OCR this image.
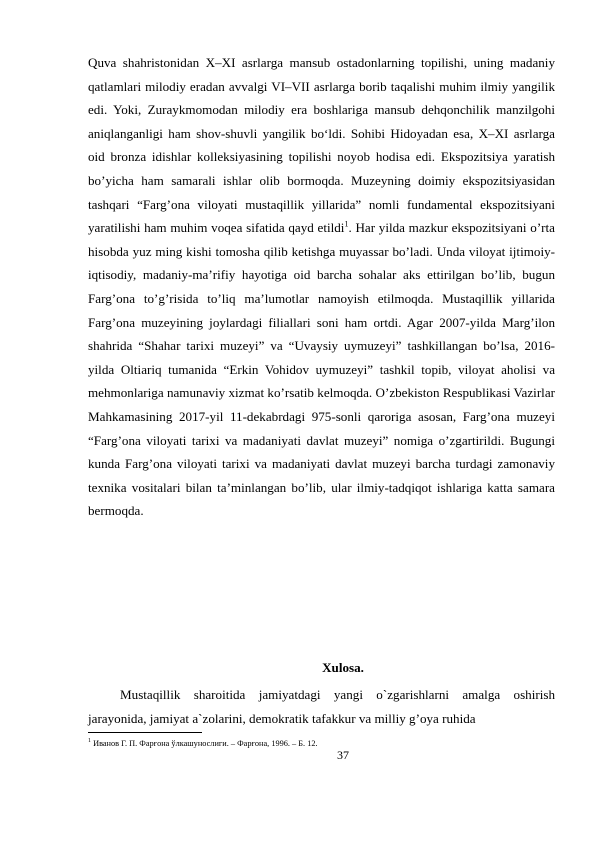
Quva shahristonidan X–XI asrlarga mansub ostadonlarning topilishi, uning madaniy qatlamlari milodiy eradan avvalgi VI–VII asrlarga borib taqalishi muhim ilmiy yangilik edi. Yoki, Zuraykmomodan milodiy era boshlariga mansub dehqonchilik manzilgohi aniqlanganligi ham shov-shuvli yangilik bo‘ldi. Sohibi Hidoyadan esa, X–XI asrlarga oid bronza idishlar kolleksiyasining topilishi noyob hodisa edi. Ekspozitsiya yaratish bo’yicha ham samarali ishlar olib bormoqda. Muzeyning doimiy ekspozitsiyasidan tashqari “Farg’ona viloyati mustaqillik yillarida” nomli fundamental ekspozitsiyani yaratilishi ham muhim voqea sifatida qayd etildi$^1$. Har yilda mazkur ekspozitsiyani o’rta hisobda yuz ming kishi tomosha qilib ketishga muyassar bo’ladi. Unda viloyat ijtimoiy-iqtisodiy, madaniy-ma’rifiy hayotiga oid barcha sohalar aks ettirilgan bo’lib, bugun Farg’ona to’g’risida to’liq ma’lumotlar namoyish etilmoqda. Mustaqillik yillarida Farg’ona muzeyining joylardagi filiallari soni ham ortdi. Agar 2007-yilda Marg’ilon shahrida “Shahar tarixi muzeyi” va “Uvaysiy uymuzeyi” tashkillangan bo’lsa, 2016-yilda Oltiariq tumanida “Erkin Vohidov uymuzeyi” tashkil topib, viloyat aholisi va mehmonlariga namunaviy xizmat ko’rsatib kelmoqda. O’zbekiston Respublikasi Vazirlar Mahkamasining 2017-yil 11-dekabrdagi 975-sonli qaroriga asosan, Farg’ona muzeyi “Farg’ona viloyati tarixi va madaniyati davlat muzeyi” nomiga o’zgartirildi. Bugungi kunda Farg’ona viloyati tarixi va madaniyati davlat muzeyi barcha turdagi zamonaviy texnika vositalari bilan ta’minlangan bo’lib, ular ilmiy-tadqiqot ishlariga katta samara bermoqda.

Xulosa.

Mustaqillik sharoitida jamiyatdagi yangi o`zgarishlarni amalga oshirish jarayonida, jamiyat a`zolarini, demokratik tafakkur va milliy g’oya ruhida

$^1$ Иванов Г. П. Фарғона ўлкашунослиги. – Фарғона, 1996. – Б. 12.

37
